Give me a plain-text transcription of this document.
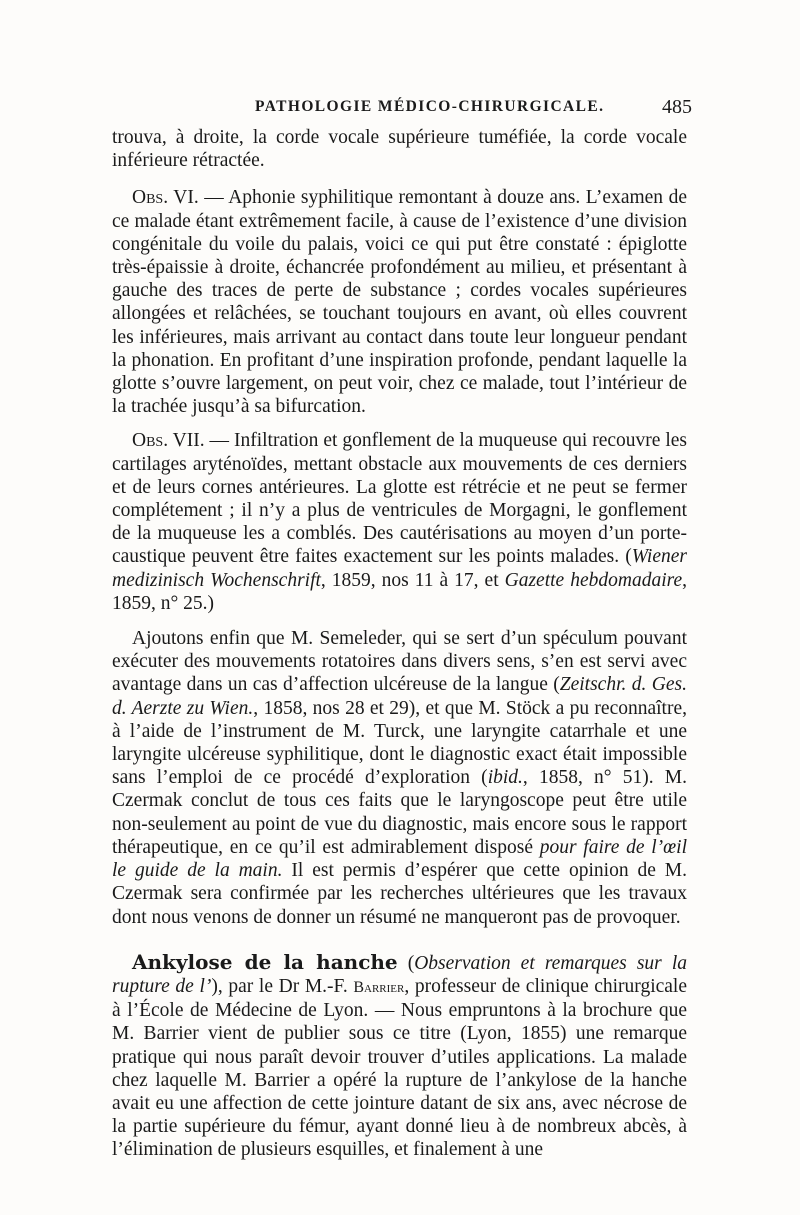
PATHOLOGIE MÉDICO-CHIRURGICALE.	485

trouva, à droite, la corde vocale supérieure tuméfiée, la corde vocale inférieure rétractée.

Obs. VI. — Aphonie syphilitique remontant à douze ans. L’examen de ce malade étant extrêmement facile, à cause de l’existence d’une division congénitale du voile du palais, voici ce qui put être constaté : épiglotte très-épaissie à droite, échancrée profondément au milieu, et présentant à gauche des traces de perte de substance ; cordes vocales supérieures allongées et relâchées, se touchant toujours en avant, où elles couvrent les inférieures, mais arrivant au contact dans toute leur longueur pendant la phonation. En profitant d’une inspiration profonde, pendant laquelle la glotte s’ouvre largement, on peut voir, chez ce malade, tout l’intérieur de la trachée jusqu’à sa bifurcation.

Obs. VII. — Infiltration et gonflement de la muqueuse qui recouvre les cartilages aryténoïdes, mettant obstacle aux mouvements de ces derniers et de leurs cornes antérieures. La glotte est rétrécie et ne peut se fermer complétement ; il n’y a plus de ventricules de Morgagni, le gonflement de la muqueuse les a comblés. Des cautérisations au moyen d’un porte-caustique peuvent être faites exactement sur les points malades. (Wiener medizinisch Wochenschrift, 1859, nos 11 à 17, et Gazette hebdomadaire, 1859, n° 25.)

Ajoutons enfin que M. Semeleder, qui se sert d’un spéculum pouvant exécuter des mouvements rotatoires dans divers sens, s’en est servi avec avantage dans un cas d’affection ulcéreuse de la langue (Zeitschr. d. Ges. d. Aerzte zu Wien., 1858, nos 28 et 29), et que M. Stöck a pu reconnaître, à l’aide de l’instrument de M. Turck, une laryngite catarrhale et une laryngite ulcéreuse syphilitique, dont le diagnostic exact était impossible sans l’emploi de ce procédé d’exploration (ibid., 1858, n° 51). M. Czermak conclut de tous ces faits que le laryngoscope peut être utile non-seulement au point de vue du diagnostic, mais encore sous le rapport thérapeutique, en ce qu’il est admirablement disposé pour faire de l’œil le guide de la main. Il est permis d’espérer que cette opinion de M. Czermak sera confirmée par les recherches ultérieures que les travaux dont nous venons de donner un résumé ne manqueront pas de provoquer.

Ankylose de la hanche (Observation et remarques sur la rupture de l’), par le Dr M.-F. Barrier, professeur de clinique chirurgicale à l’École de Médecine de Lyon. — Nous empruntons à la brochure que M. Barrier vient de publier sous ce titre (Lyon, 1855) une remarque pratique qui nous paraît devoir trouver d’utiles applications. La malade chez laquelle M. Barrier a opéré la rupture de l’ankylose de la hanche avait eu une affection de cette jointure datant de six ans, avec nécrose de la partie supérieure du fémur, ayant donné lieu à de nombreux abcès, à l’élimination de plusieurs esquilles, et finalement à une
